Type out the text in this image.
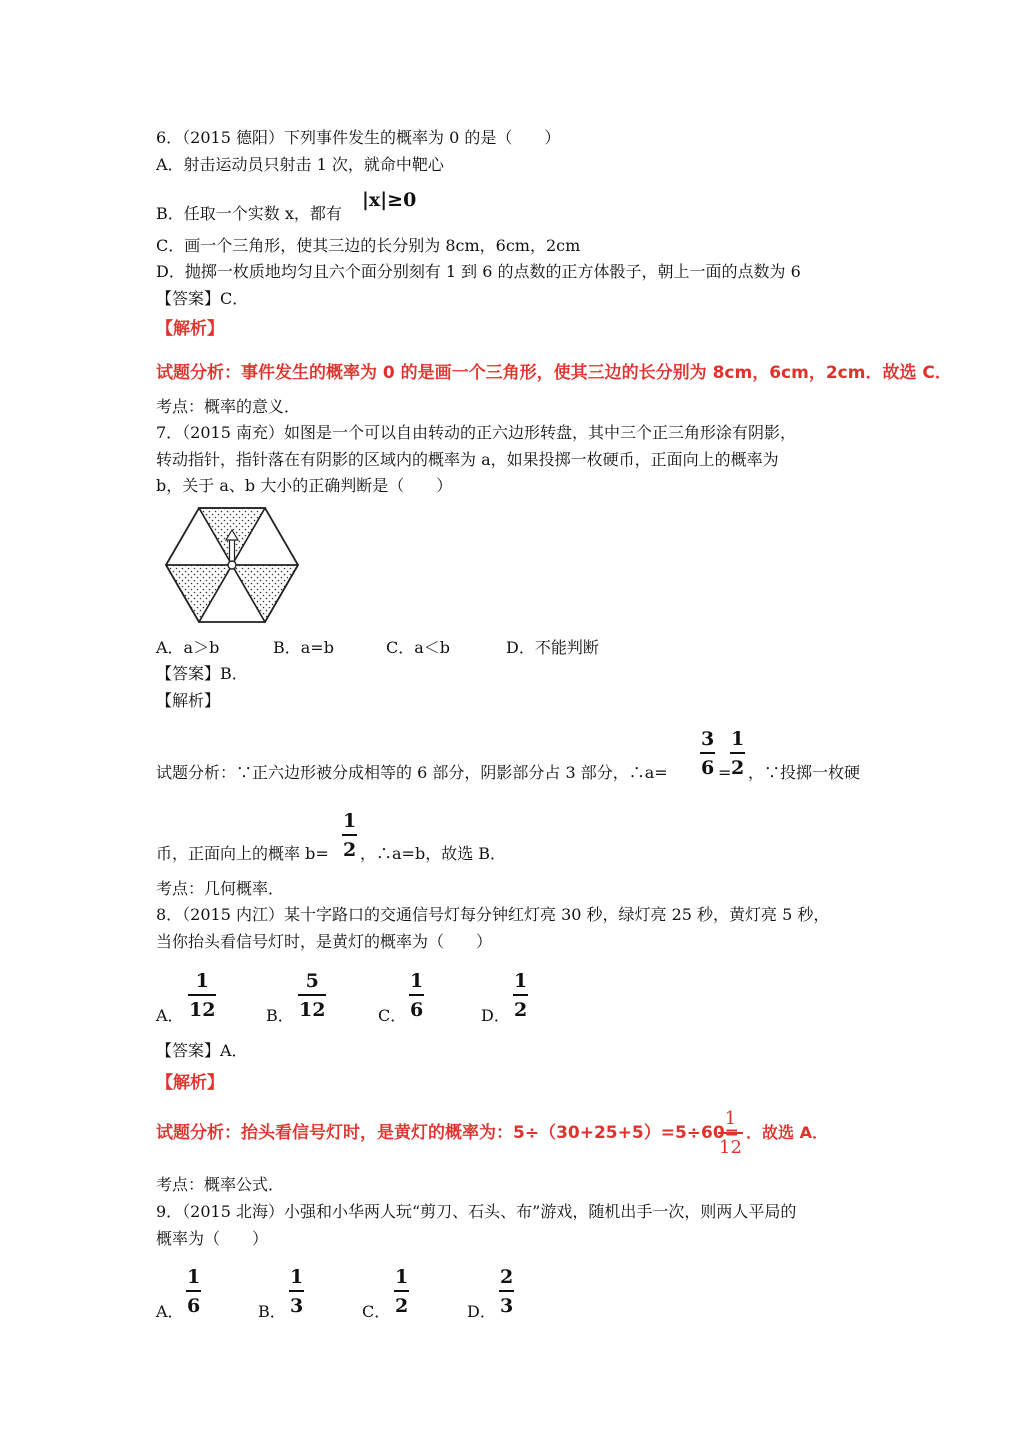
6．（2015 德阳）下列事件发生的概率为 0 的是（　　）
A．射击运动员只射击 1 次，就命中靶心
B．任取一个实数 x，都有
|x|≥0
C．画一个三角形，使其三边的长分别为 8cm，6cm，2cm
D．抛掷一枚质地均匀且六个面分别刻有 1 到 6 的点数的正方体骰子，朝上一面的点数为 6
【答案】C．
【解析】
试题分析：事件发生的概率为 0 的是画一个三角形，使其三边的长分别为 8cm，6cm，2cm．故选 C．
考点：概率的意义．
7．（2015 南充）如图是一个可以自由转动的正六边形转盘，其中三个正三角形涂有阴影，
转动指针，指针落在有阴影的区域内的概率为 a，如果投掷一枚硬币，正面向上的概率为
b，关于 a、b 大小的正确判断是（　　）
A．a＞b	B．a=b	C．a＜b	D．不能判断
【答案】B．
【解析】
试题分析：∵正六边形被分成相等的 6 部分，阴影部分占 3 部分，∴a=
3
6 =
1
2 ，∵投掷一枚硬
币，正面向上的概率 b=
1
2 ，∴a=b，故选 B．
考点：几何概率．
8．（2015 内江）某十字路口的交通信号灯每分钟红灯亮 30 秒，绿灯亮 25 秒，黄灯亮 5 秒，
当你抬头看信号灯时，是黄灯的概率为（　　）
A．
1
12	B．
5
12	C．
1
6	D．
1
2
【答案】A．
【解析】
试题分析：抬头看信号灯时，是黄灯的概率为：5÷（30+25+5）=5÷60=
1
12
．故选 A．
考点：概率公式．
9．（2015 北海）小强和小华两人玩“剪刀、石头、布”游戏，随机出手一次，则两人平局的
概率为（　　）
A．
1
6	B．
1
3	C．
1
2	D．
2
3
